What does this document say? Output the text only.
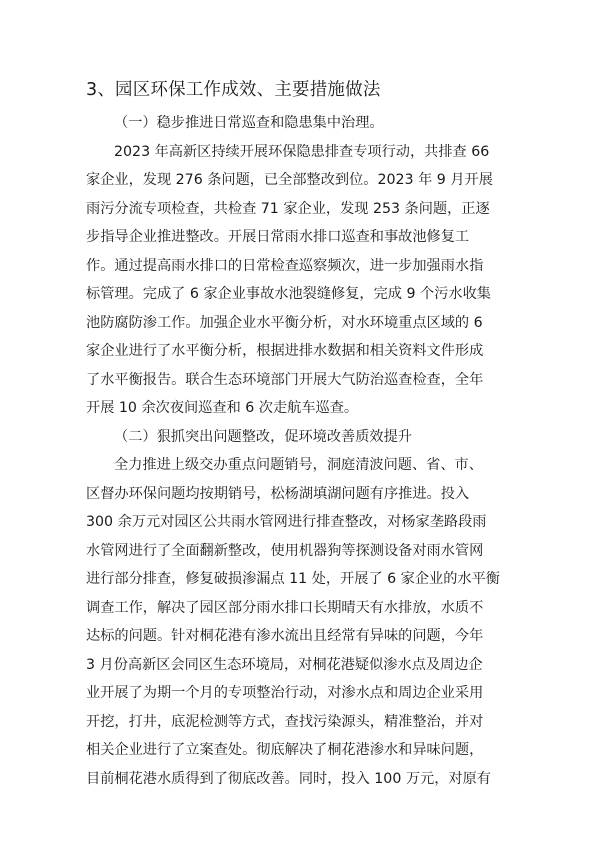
3、园区环保工作成效、主要措施做法

（一）稳步推进日常巡查和隐患集中治理。

2023 年高新区持续开展环保隐患排查专项行动，共排查 66
家企业，发现 276 条问题，已全部整改到位。2023 年 9 月开展
雨污分流专项检查，共检查 71 家企业，发现 253 条问题，正逐
步指导企业推进整改。开展日常雨水排口巡查和事故池修复工
作。通过提高雨水排口的日常检查巡察频次，进一步加强雨水指
标管理。完成了 6 家企业事故水池裂缝修复，完成 9 个污水收集
池防腐防渗工作。加强企业水平衡分析，对水环境重点区域的 6
家企业进行了水平衡分析，根据进排水数据和相关资料文件形成
了水平衡报告。联合生态环境部门开展大气防治巡查检查，全年
开展 10 余次夜间巡查和 6 次走航车巡查。

（二）狠抓突出问题整改，促环境改善质效提升

全力推进上级交办重点问题销号，洞庭清波问题、省、市、
区督办环保问题均按期销号，松杨湖填湖问题有序推进。投入
300 余万元对园区公共雨水管网进行排查整改，对杨家垄路段雨
水管网进行了全面翻新整改，使用机器狗等探测设备对雨水管网
进行部分排查，修复破损渗漏点 11 处，开展了 6 家企业的水平衡
调查工作，解决了园区部分雨水排口长期晴天有水排放，水质不
达标的问题。针对桐花港有渗水流出且经常有异味的问题，今年
3 月份高新区会同区生态环境局，对桐花港疑似渗水点及周边企
业开展了为期一个月的专项整治行动，对渗水点和周边企业采用
开挖，打井，底泥检测等方式，查找污染源头，精准整治，并对
相关企业进行了立案查处。彻底解决了桐花港渗水和异味问题，
目前桐花港水质得到了彻底改善。同时，投入 100 万元，对原有
